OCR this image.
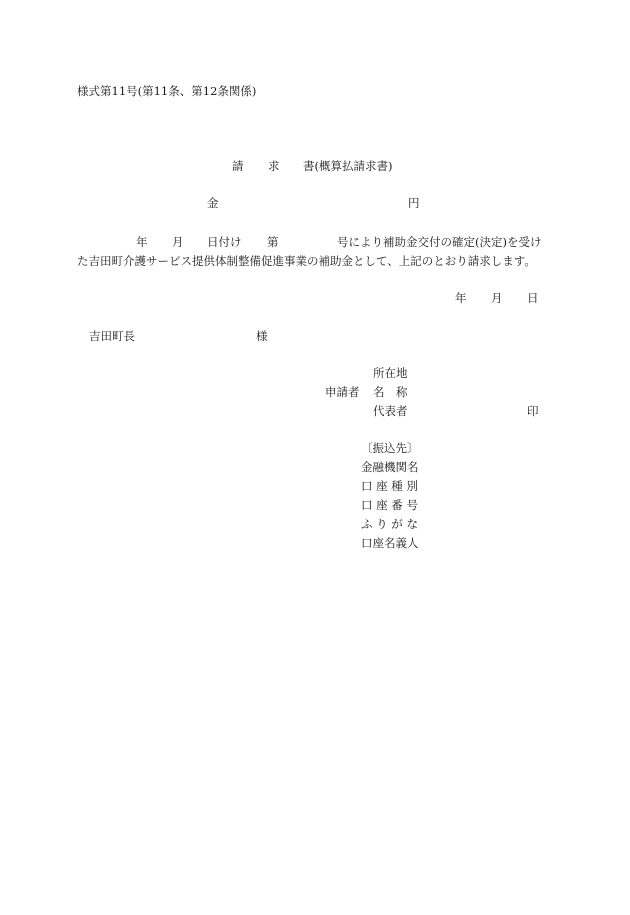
様式第11号(第11条、第12条関係)
請 求 書(概算払請求書)
金	円
年 月 日付け 第	号により補助金交付の確定(決定)を受け
た吉田町介護サービス提供体制整備促進事業の補助金として、上記のとおり請求します。
年 月 日
吉田町長	様
所在地
申請者 名　称
代表者	印
〔振込先〕
金融機関名
口 座 種 別
口 座 番 号
ふ り が な
口座名義人
